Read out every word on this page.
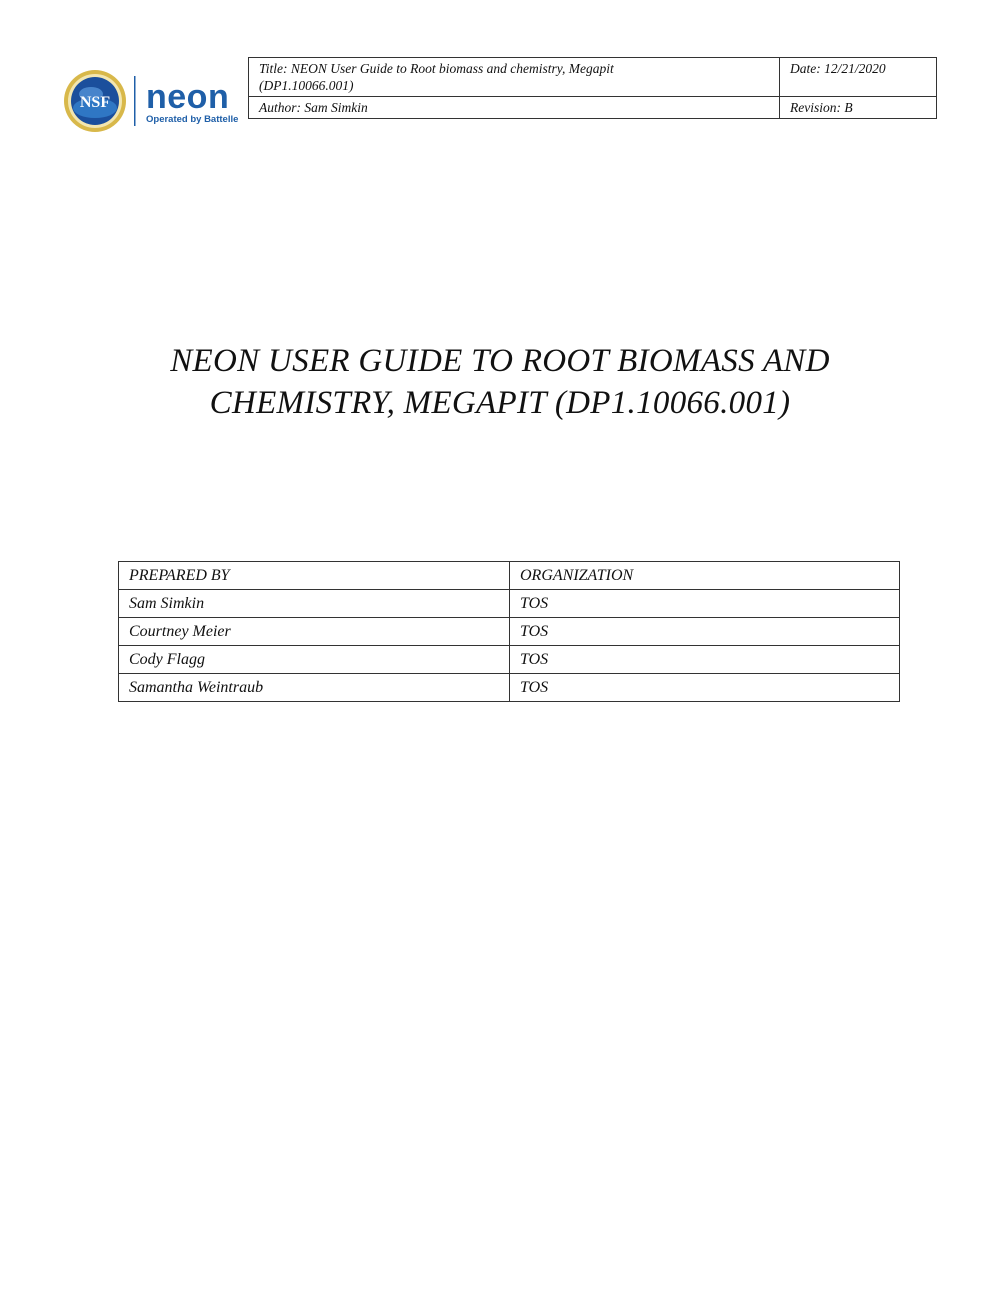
NSF neon
Operated by Battelle
Title: NEON User Guide to Root biomass and chemistry, Megapit
(DP1.10066.001)	Date: 12/21/2020
Author: Sam Simkin	Revision: B
NEON USER GUIDE TO ROOT BIOMASS AND
CHEMISTRY, MEGAPIT (DP1.10066.001)
PREPARED BY	ORGANIZATION
Sam Simkin	TOS
Courtney Meier	TOS
Cody Flagg	TOS
Samantha Weintraub	TOS
